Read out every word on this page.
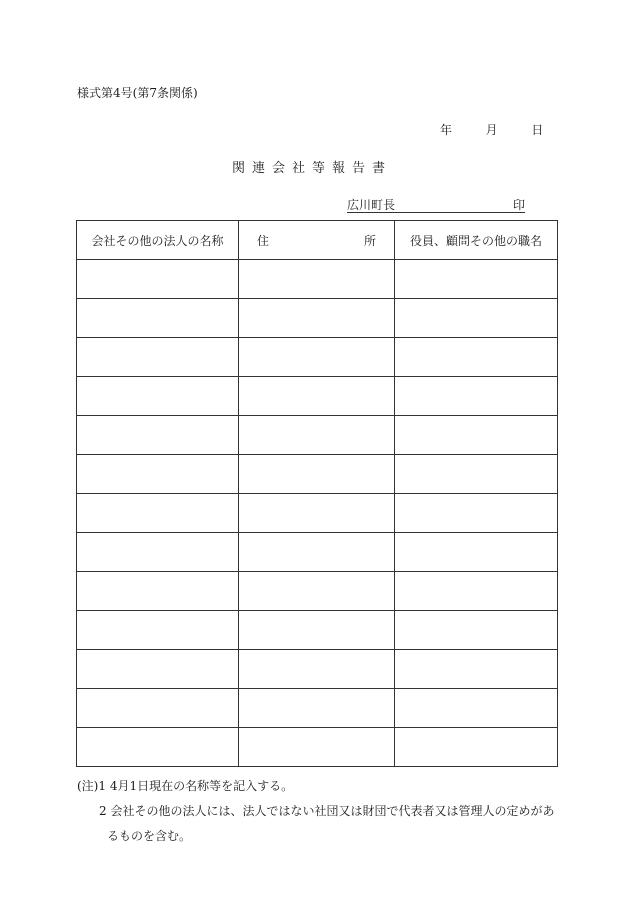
様式第4号(第7条関係)
年	月	日
関連会社等報告書
広川町長	印
会社その他の法人の名称	住 所	役員、顧問その他の職名

(注)1 4月1日現在の名称等を記入する。
2 会社その他の法人には、法人ではない社団又は財団で代表者又は管理人の定めがあ
るものを含む。
